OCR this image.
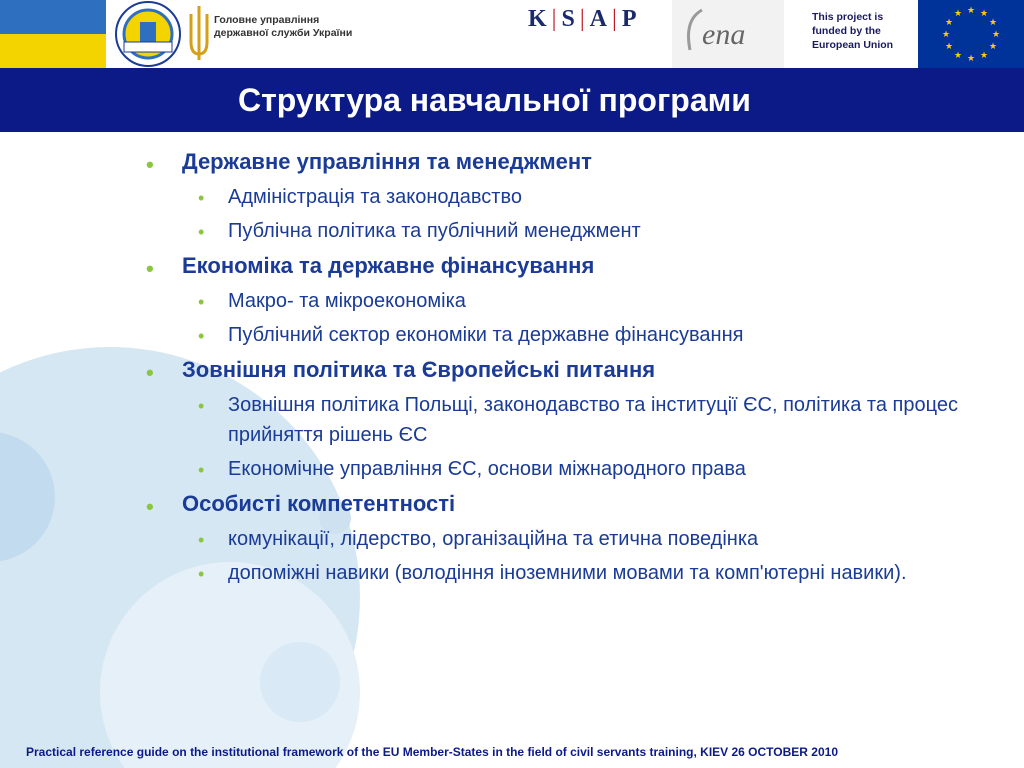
Головне управління
державної служби України
K | S | A | P ena
This project is
funded by the
European Union
★ ★
★
★
★
★
★
★
★
★
★
★
Структура навчальної програми
• Державне управління та менеджмент
• Адміністрація та законодавство
• Публічна політика та публічний менеджмент
• Економіка та державне фінансування
• Макро- та мікроекономіка
• Публічний сектор економіки та державне фінансування
• Зовнішня політика та Європейські питання
• Зовнішня політика Польщі, законодавство та інституції ЄС, політика та процес прийняття рішень ЄС
• Економічне управління ЄС, основи міжнародного права
• Особисті компетентності
• комунікації, лідерство, організаційна та етична поведінка
• допоміжні навики (володіння іноземними мовами та комп'ютерні навики).
Practical reference guide on the institutional framework of the EU Member-States in the field of civil servants training, KIEV 26 OCTOBER 2010
